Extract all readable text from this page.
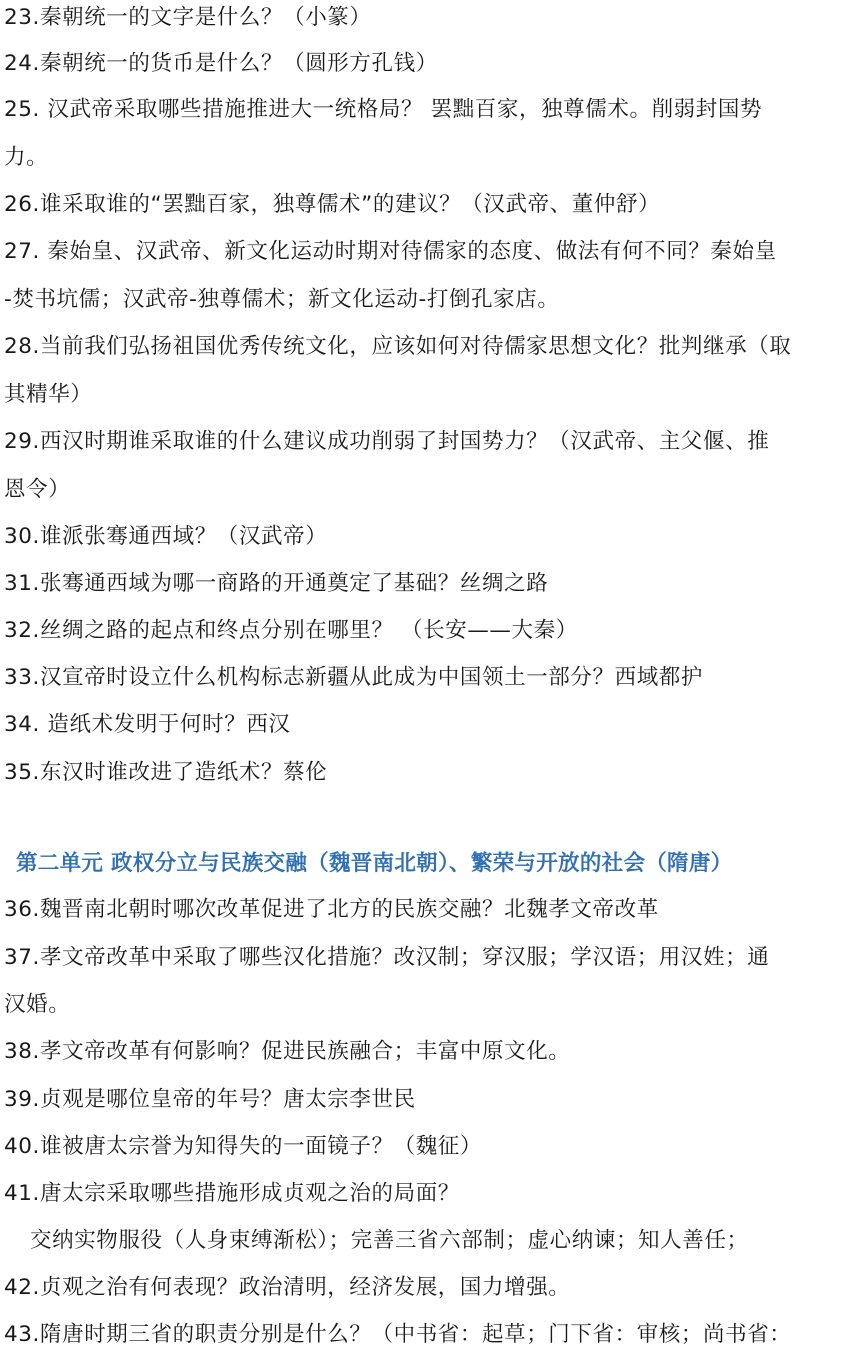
23.秦朝统一的文字是什么？（小篆）
24.秦朝统一的货币是什么？（圆形方孔钱）
25. 汉武帝采取哪些措施推进大一统格局？ 罢黜百家，独尊儒术。削弱封国势
力。
26.谁采取谁的“罢黜百家，独尊儒术”的建议？（汉武帝、董仲舒）
27. 秦始皇、汉武帝、新文化运动时期对待儒家的态度、做法有何不同？秦始皇
-焚书坑儒；汉武帝-独尊儒术；新文化运动-打倒孔家店。
28.当前我们弘扬祖国优秀传统文化，应该如何对待儒家思想文化？批判继承（取
其精华）
29.西汉时期谁采取谁的什么建议成功削弱了封国势力？（汉武帝、主父偃、推
恩令）
30.谁派张骞通西域？（汉武帝）
31.张骞通西域为哪一商路的开通奠定了基础？丝绸之路
32.丝绸之路的起点和终点分别在哪里？ （长安——大秦）
33.汉宣帝时设立什么机构标志新疆从此成为中国领土一部分？西域都护
34. 造纸术发明于何时？西汉
35.东汉时谁改进了造纸术？蔡伦
第二单元 政权分立与民族交融（魏晋南北朝）、繁荣与开放的社会（隋唐）
36.魏晋南北朝时哪次改革促进了北方的民族交融？北魏孝文帝改革
37.孝文帝改革中采取了哪些汉化措施？改汉制；穿汉服；学汉语；用汉姓；通
汉婚。
38.孝文帝改革有何影响？促进民族融合；丰富中原文化。
39.贞观是哪位皇帝的年号？唐太宗李世民
40.谁被唐太宗誉为知得失的一面镜子？（魏征）
41.唐太宗采取哪些措施形成贞观之治的局面？
交纳实物服役（人身束缚渐松）；完善三省六部制；虚心纳谏；知人善任；
42.贞观之治有何表现？政治清明，经济发展，国力增强。
43.隋唐时期三省的职责分别是什么？（中书省：起草；门下省：审核；尚书省：
